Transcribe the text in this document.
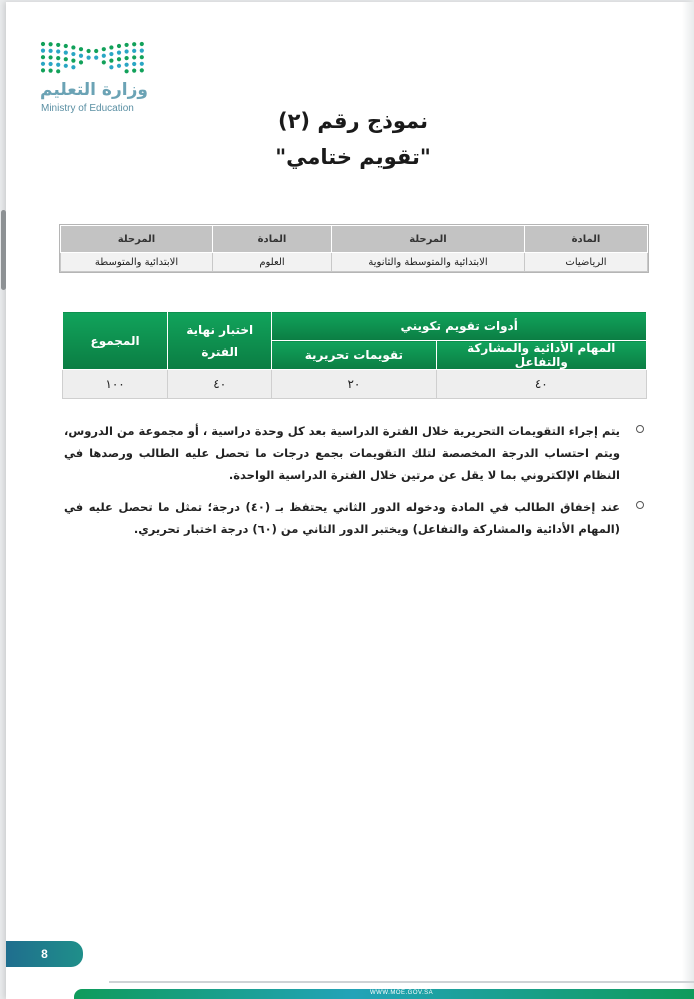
وزارة التعليم
Ministry of Education
نموذج رقم (٢)
"تقويم ختامي"
المادة	المرحلة	المادة	المرحلة
الرياضيات	الابتدائية والمتوسطة والثانوية	العلوم	الابتدائية والمتوسطة
أدوات تقويم تكويني		اختبار نهاية الفترة	المجموع
المهام الأدائية والمشاركة والتفاعل	تقويمات تحريرية		
٤٠	٢٠	٤٠	١٠٠
يتم إجراء التقويمات التحريرية خلال الفترة الدراسية بعد كل وحدة دراسية ، أو مجموعة من الدروس، ويتم احتساب الدرجة المخصصة لتلك التقويمات بجمع درجات ما تحصل عليه الطالب ورصدها في النظام الإلكتروني بما لا يقل عن مرتين خلال الفترة الدراسية الواحدة.
عند إخفاق الطالب في المادة ودخوله الدور الثاني يحتفظ بـ (٤٠) درجة؛ تمثل ما تحصل عليه في (المهام الأدائية والمشاركة والتفاعل) ويختبر الدور الثاني من (٦٠) درجة اختبار تحريري.
8
WWW.MOE.GOV.SA
